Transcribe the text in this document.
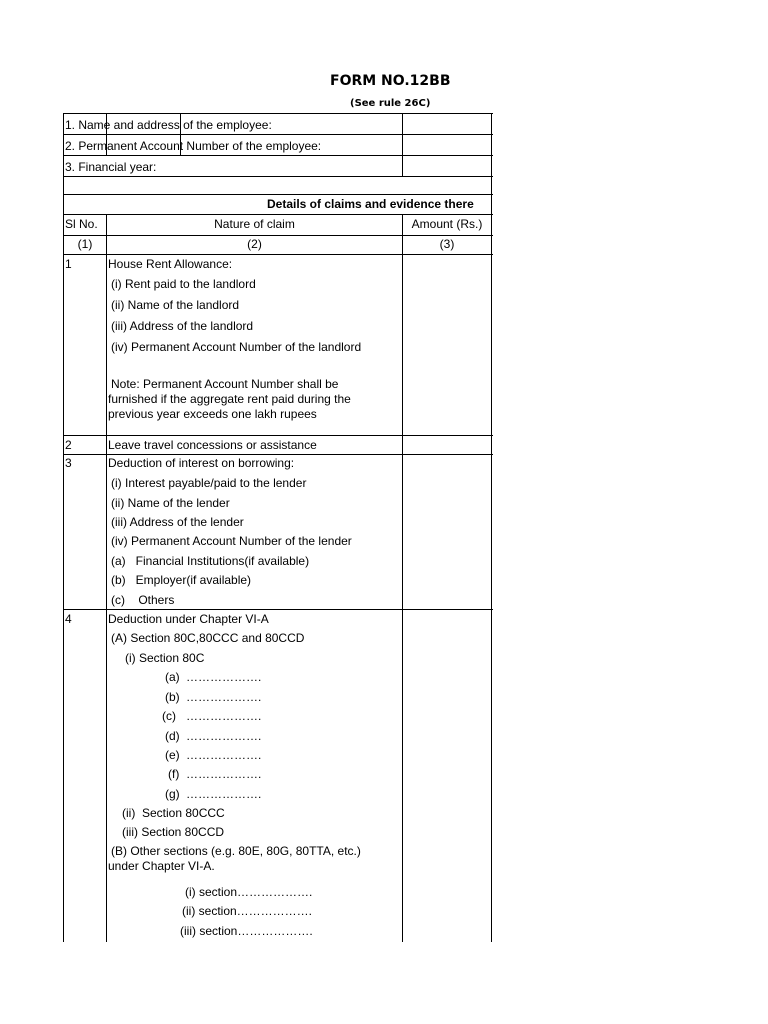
FORM NO.12BB
(See rule 26C)
1. Name and address of the employee:
2. Permanent Account Number of the employee:
3. Financial year:
Details of claims and evidence there
Sl No.	Nature of claim	Amount (Rs.)
(1)	(2)	(3)
1	House Rent Allowance:
(i) Rent paid to the landlord
(ii) Name of the landlord
(iii) Address of the landlord
(iv) Permanent Account Number of the landlord
Note: Permanent Account Number shall be
furnished if the aggregate rent paid during the
previous year exceeds one lakh rupees
2	Leave travel concessions or assistance
3	Deduction of interest on borrowing:
(i) Interest payable/paid to the lender
(ii) Name of the lender
(iii) Address of the lender
(iv) Permanent Account Number of the lender
(a)   Financial Institutions(if available)
(b)   Employer(if available)
(c)    Others
4	Deduction under Chapter VI-A
(A) Section 80C,80CCC and 80CCD
(i) Section 80C
(a) ……………….
(b) ……………….
(c) ……………….
(d) ……………….
(e) ……………….
(f) ……………….
(g) ……………….
(ii)  Section 80CCC
(iii) Section 80CCD
(B) Other sections (e.g. 80E, 80G, 80TTA, etc.)
under Chapter VI-A.
(i) section……………….
(ii) section……………….
(iii) section……………….
